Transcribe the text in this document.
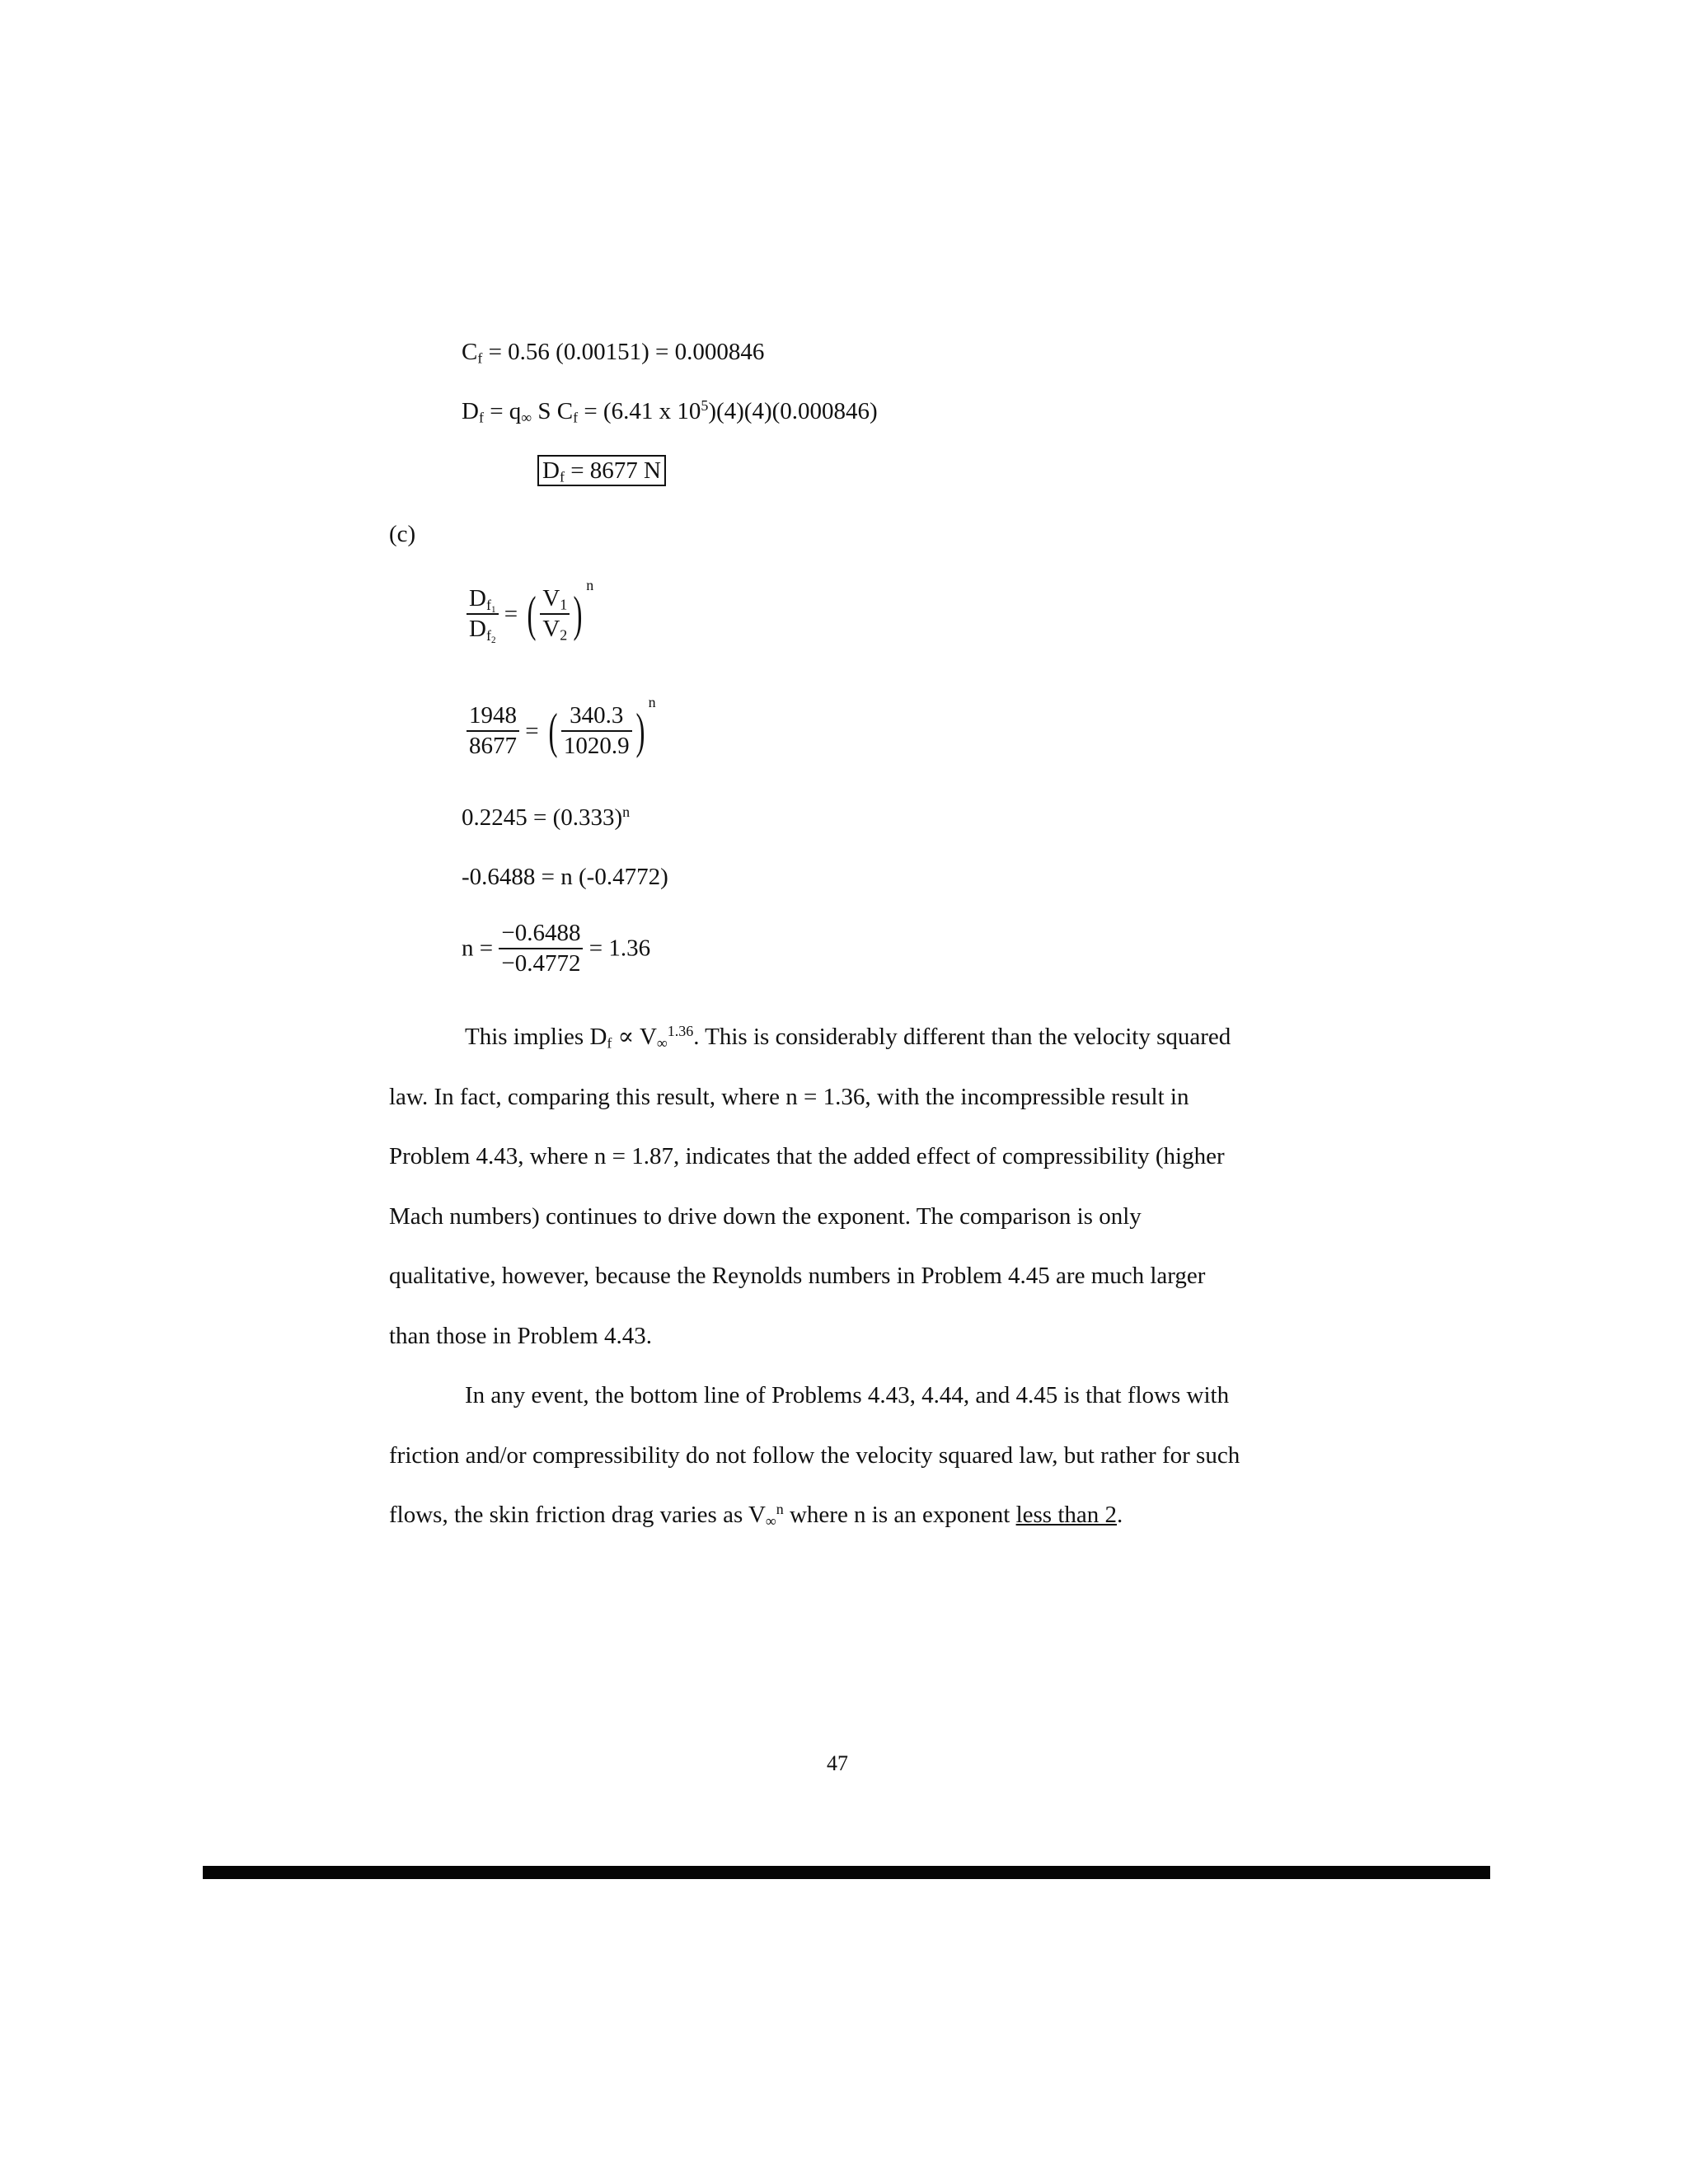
$C_f = 0.56$ (0.00151) = 0.000846
$D_f = q_\infty$ S $C_f = (6.41$ x $10^5)(4)(4)(0.000846)$
$D_f = 8677$ N
(c)
$\frac{D_{f_1}}{D_{f_2}}$ = ( $\frac{V_1}{V_2} )^n$
$\frac{1948}{8677}$ = ( $\frac{340.3}{1020.9} )^n$
$0.2245 = (0.333)^n$
-0.6488 = n (-0.4772)
$n = \frac{-0.6488}{-0.4772} = 1.36$
This implies $D_f \propto V_\infty^{1.36}$. This is considerably different than the velocity squared
law. In fact, comparing this result, where n = 1.36, with the incompressible result in
Problem 4.43, where n = 1.87, indicates that the added effect of compressibility (higher
Mach numbers) continues to drive down the exponent. The comparison is only
qualitative, however, because the Reynolds numbers in Problem 4.45 are much larger
than those in Problem 4.43.
In any event, the bottom line of Problems 4.43, 4.44, and 4.45 is that flows with
friction and/or compressibility do not follow the velocity squared law, but rather for such
flows, the skin friction drag varies as $V_\infty^n$ where n is an exponent less than 2.
47
